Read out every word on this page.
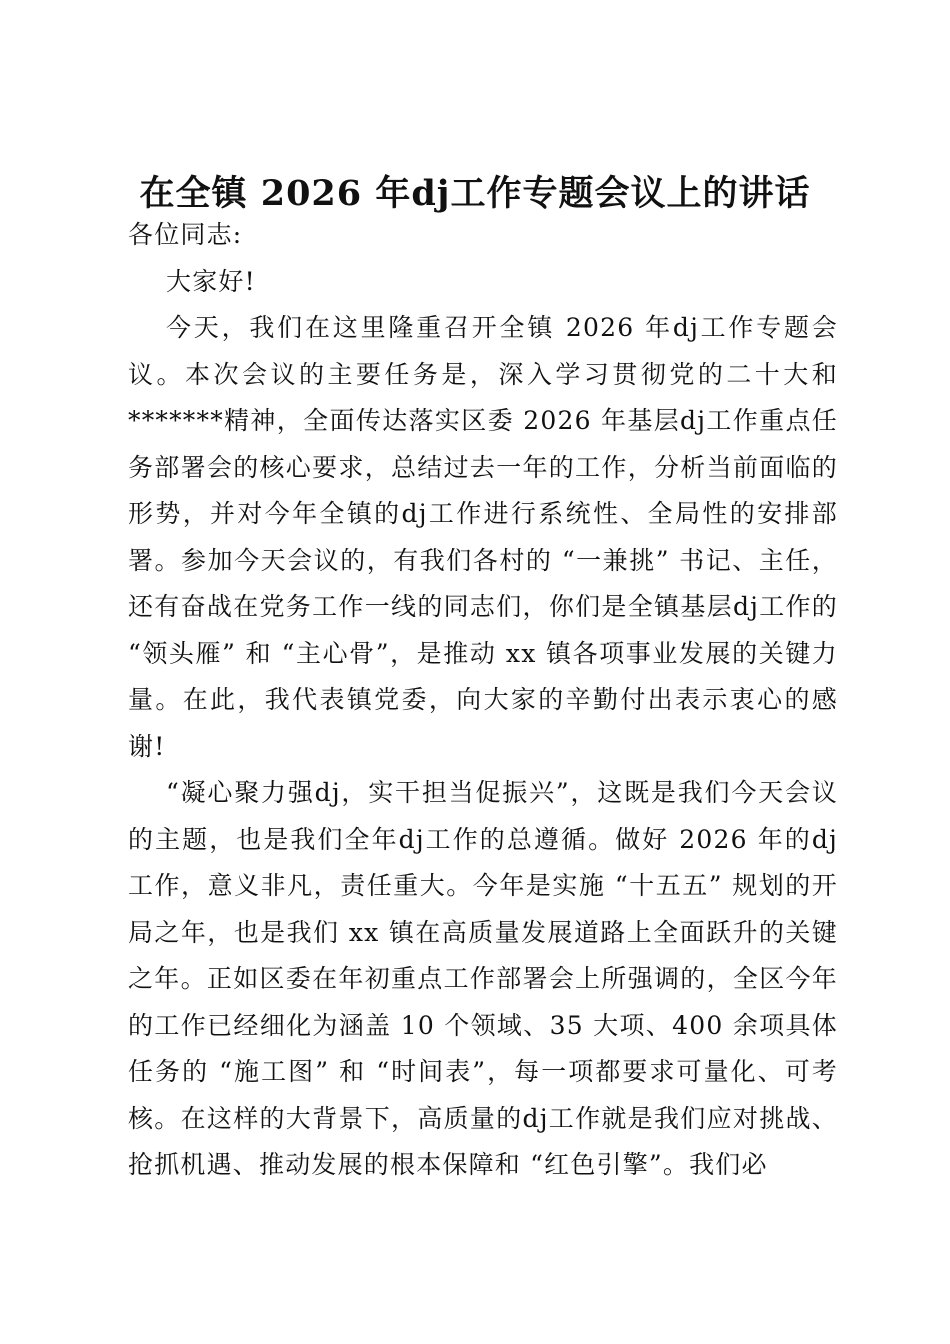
在全镇 2026 年dj工作专题会议上的讲话

各位同志:

大家好!

今天，我们在这里隆重召开全镇 2026 年dj工作专题会议。本次会议的主要任务是，深入学习贯彻党的二十大和*******精神，全面传达落实区委 2026 年基层dj工作重点任务部署会的核心要求，总结过去一年的工作，分析当前面临的形势，并对今年全镇的dj工作进行系统性、全局性的安排部署。参加今天会议的，有我们各村的 “一兼挑” 书记、主任，还有奋战在党务工作一线的同志们，你们是全镇基层dj工作的 “领头雁” 和 “主心骨”，是推动 xx 镇各项事业发展的关键力量。在此，我代表镇党委，向大家的辛勤付出表示衷心的感谢!

“凝心聚力强dj，实干担当促振兴”，这既是我们今天会议的主题，也是我们全年dj工作的总遵循。做好 2026 年的dj工作，意义非凡，责任重大。今年是实施 “十五五” 规划的开局之年，也是我们 xx 镇在高质量发展道路上全面跃升的关键之年。正如区委在年初重点工作部署会上所强调的，全区今年的工作已经细化为涵盖 10 个领域、35 大项、400 余项具体任务的 “施工图” 和 “时间表”，每一项都要求可量化、可考核。在这样的大背景下，高质量的dj工作就是我们应对挑战、抢抓机遇、推动发展的根本保障和 “红色引擎”。我们必
